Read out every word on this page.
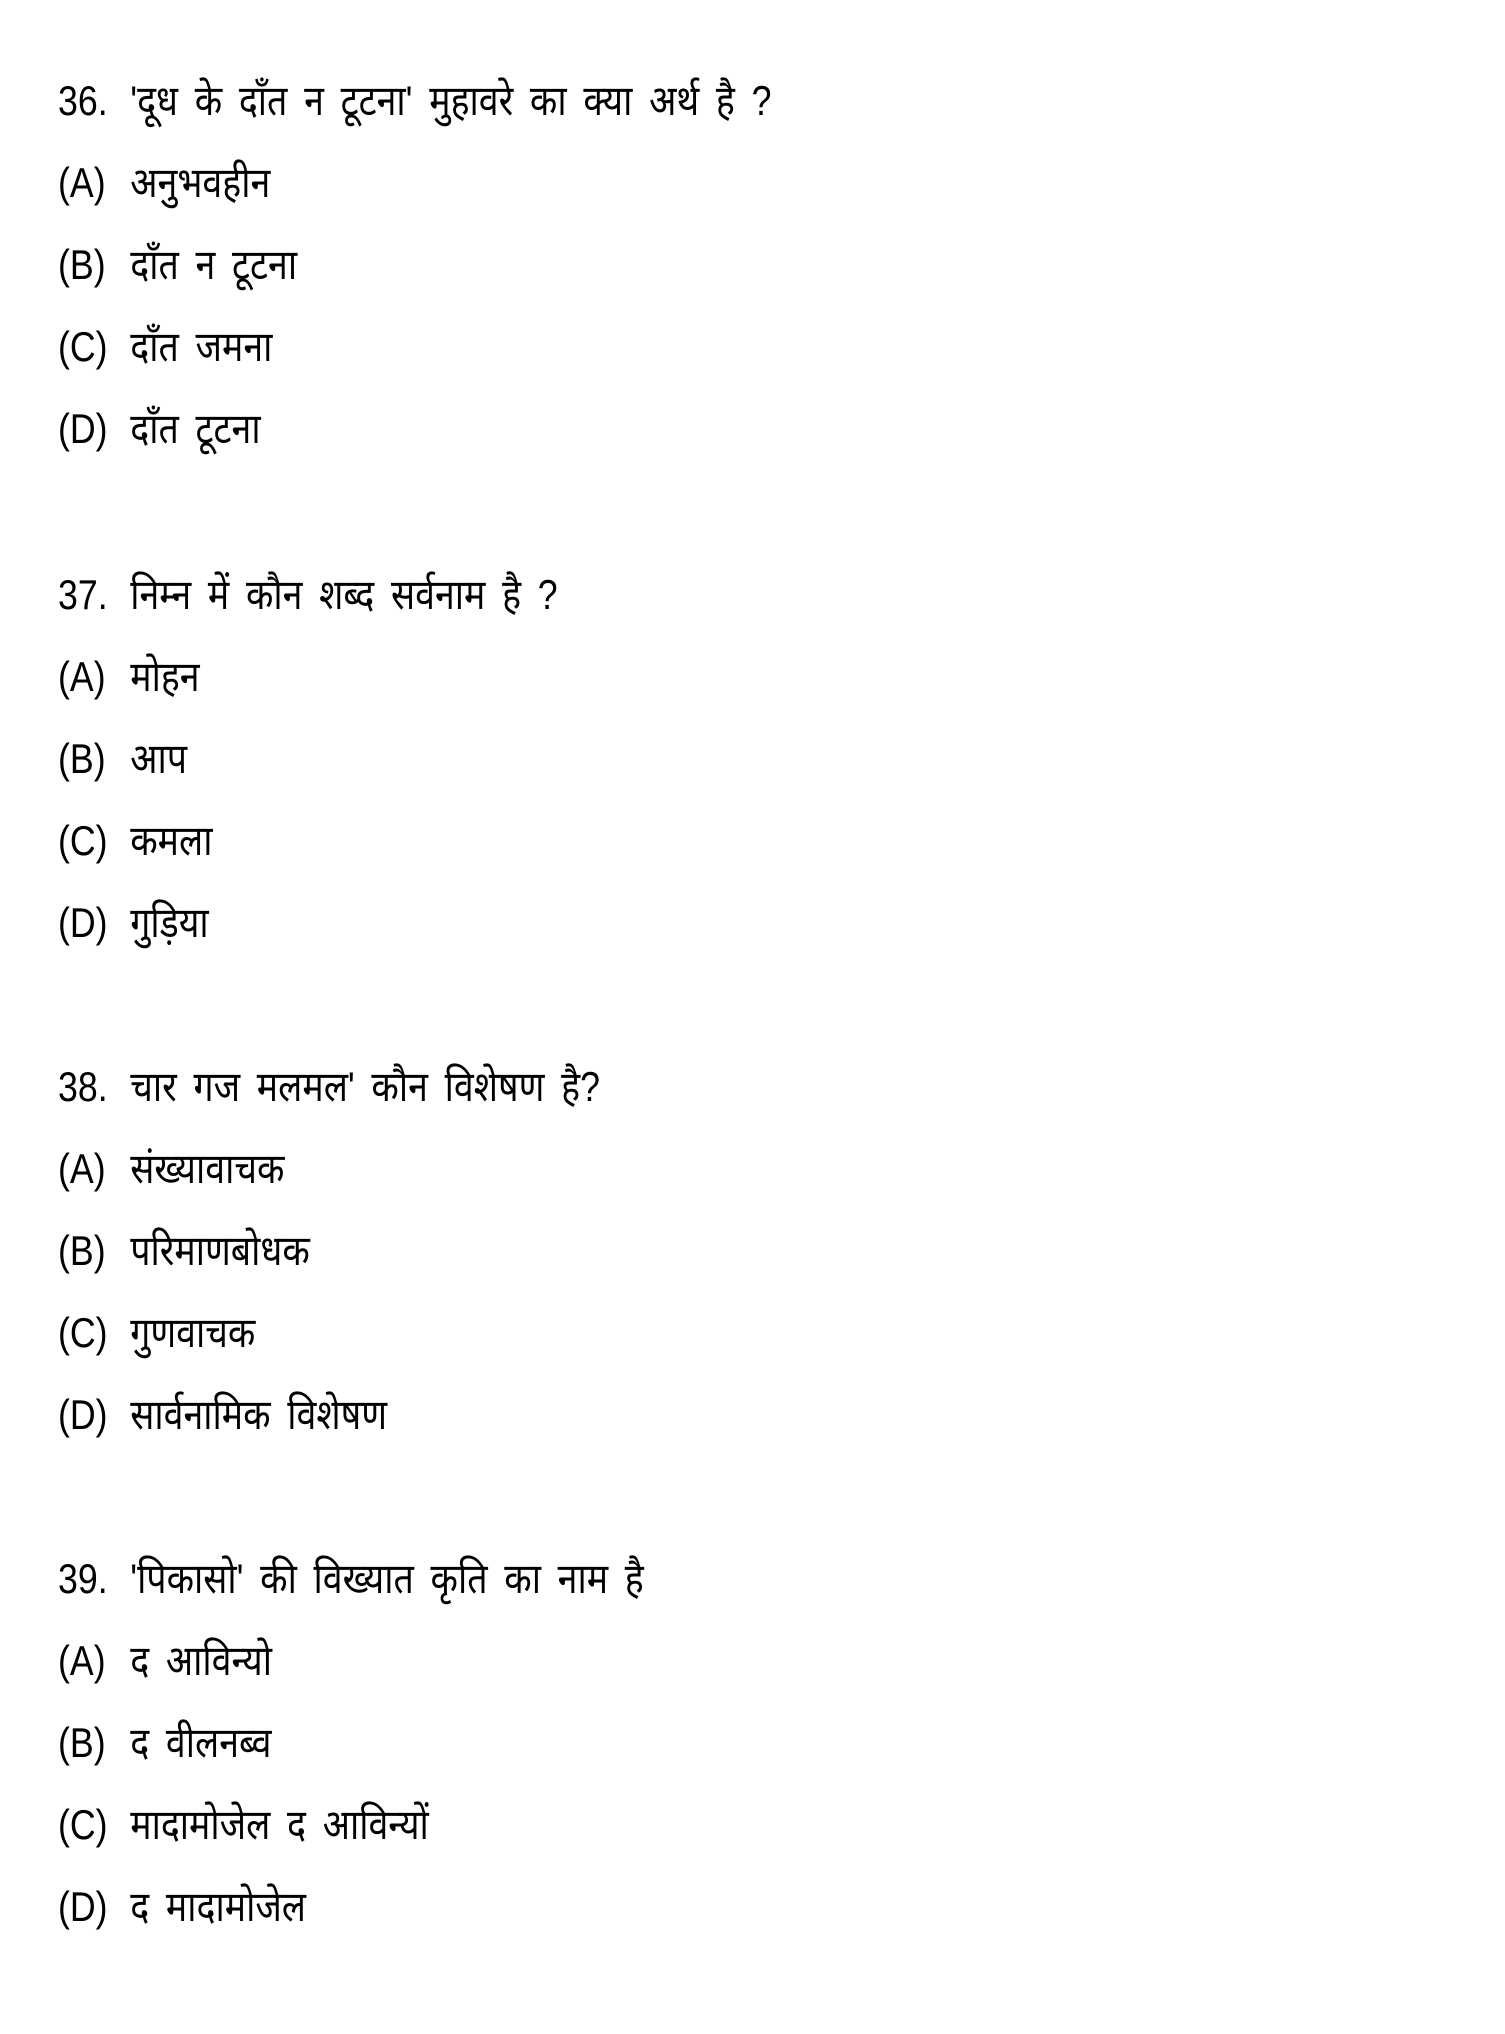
36. 'दूध के दाँत न टूटना' मुहावरे का क्या अर्थ है ?
(A) अनुभवहीन
(B) दाँत न टूटना
(C) दाँत जमना
(D) दाँत टूटना
37. निम्न में कौन शब्द सर्वनाम है ?
(A) मोहन
(B) आप
(C) कमला
(D) गुड़िया
38. चार गज मलमल' कौन विशेषण है?
(A) संख्यावाचक
(B) परिमाणबोधक
(C) गुणवाचक
(D) सार्वनामिक विशेषण
39. 'पिकासो' की विख्यात कृति का नाम है
(A) द आविन्यो
(B) द वीलनब्व
(C) मादामोजेल द आविन्यों
(D) द मादामोजेल
